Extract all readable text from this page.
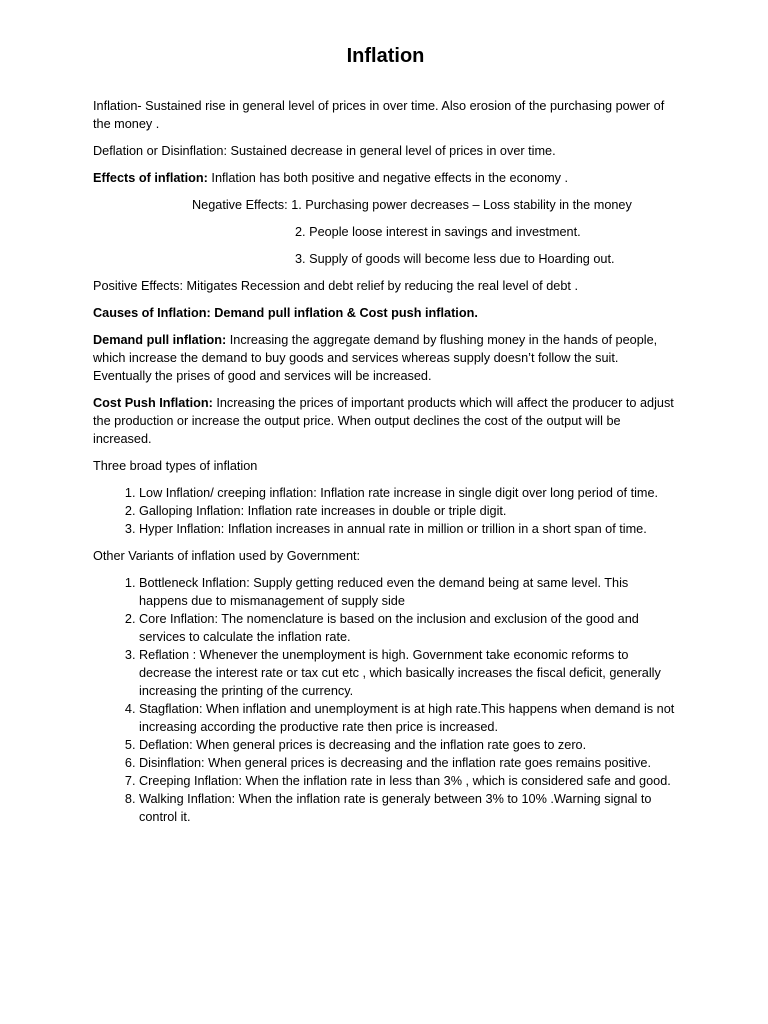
Inflation

Inflation- Sustained rise in general level of prices in over time. Also erosion of the purchasing power of the money .

Deflation or Disinflation: Sustained decrease in general level of prices in over time.

Effects of inflation: Inflation has both positive and negative effects in the economy .

Negative Effects: 1. Purchasing power decreases – Loss stability in the money
2. People loose interest in savings and investment.
3. Supply of goods will become less due to Hoarding out.

Positive Effects: Mitigates Recession and debt relief by reducing the real level of debt .

Causes of Inflation: Demand pull inflation & Cost push inflation.

Demand pull inflation: Increasing the aggregate demand by flushing money in the hands of people, which increase the demand to buy goods and services whereas supply doesn’t follow the suit. Eventually the prises of good and services will be increased.

Cost Push Inflation: Increasing the prices of important products which will affect the producer to adjust the production or increase the output price. When output declines the cost of the output will be increased.

Three broad types of inflation

1. Low Inflation/ creeping inflation: Inflation rate increase in single digit over long period of time.
2. Galloping Inflation: Inflation rate increases in double or triple digit.
3. Hyper Inflation: Inflation increases in annual rate in million or trillion in a short span of time.

Other Variants of inflation used by Government:

1. Bottleneck Inflation: Supply getting reduced even the demand being at same level. This happens due to mismanagement of supply side
2. Core Inflation: The nomenclature is based on the inclusion and exclusion of the good and services to calculate the inflation rate.
3. Reflation : Whenever the unemployment is high. Government take economic reforms to decrease the interest rate or tax cut etc , which basically increases the fiscal deficit, generally increasing the printing of the currency.
4. Stagflation: When inflation and unemployment is at high rate.This happens when demand is not increasing according the productive rate then price is increased.
5. Deflation: When general prices is decreasing and the inflation rate goes to zero.
6. Disinflation: When general prices is decreasing and the inflation rate goes remains positive.
7. Creeping Inflation: When the inflation rate in less than 3% , which is considered safe and good.
8. Walking Inflation: When the inflation rate is generaly between 3% to 10% .Warning signal to control it.
